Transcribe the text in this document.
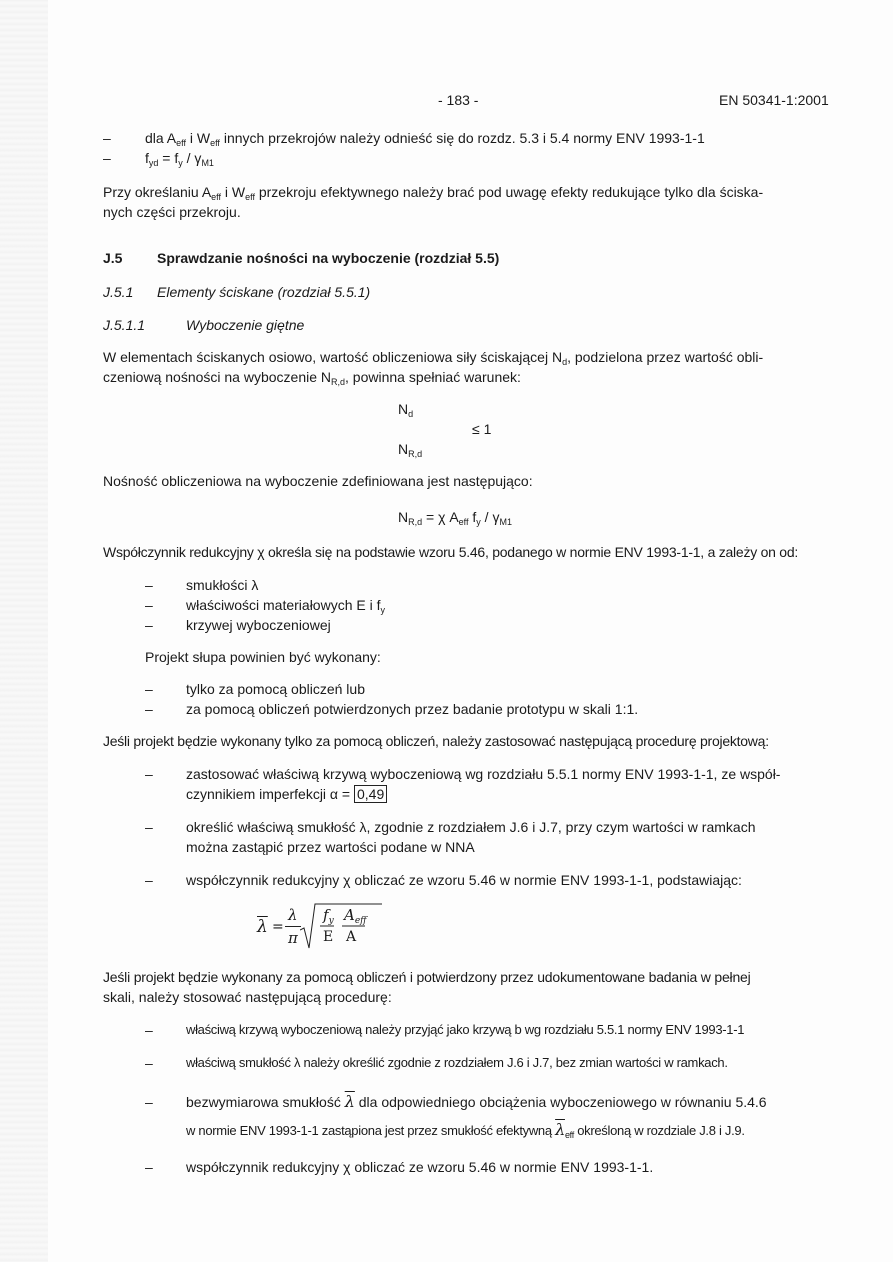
- 183 -	EN 50341-1:2001
– dla $A_{eff}$ i $W_{eff}$ innych przekrojów należy odnieść się do rozdz. 5.3 i 5.4 normy ENV 1993-1-1
– $f_{yd} = f_y / \gamma_{M1}$
Przy określaniu $A_{eff}$ i $W_{eff}$ przekroju efektywnego należy brać pod uwagę efekty redukujące tylko dla ściska-
nych części przekroju.
J.5 Sprawdzanie nośności na wyboczenie (rozdział 5.5)
J.5.1 Elementy ściskane (rozdział 5.5.1)
J.5.1.1	Wyboczenie giętne
W elementach ściskanych osiowo, wartość obliczeniowa siły ściskającej $N_d$, podzielona przez wartość obli-
czeniową nośności na wyboczenie $N_{R,d}$, powinna spełniać warunek:
$N_d$
≤ 1
$N_{R,d}$
Nośność obliczeniowa na wyboczenie zdefiniowana jest następująco:
$N_{R,d} = \chi$ $A_{eff}$ $f_y / \gamma_{M1}$
Współczynnik redukcyjny χ określa się na podstawie wzoru 5.46, podanego w normie ENV 1993-1-1, a zależy on od:
– smukłości λ
– właściwości materiałowych E i $f_y$
– krzywej wyboczeniowej
Projekt słupa powinien być wykonany:
– tylko za pomocą obliczeń lub
– za pomocą obliczeń potwierdzonych przez badanie prototypu w skali 1:1.
Jeśli projekt będzie wykonany tylko za pomocą obliczeń, należy zastosować następującą procedurę projektową:
– zastosować właściwą krzywą wyboczeniową wg rozdziału 5.5.1 normy ENV 1993-1-1, ze współ-
czynnikiem imperfekcji α = 0,49
– określić właściwą smukłość λ, zgodnie z rozdziałem J.6 i J.7, przy czym wartości w ramkach
można zastąpić przez wartości podane w NNA
– współczynnik redukcyjny χ obliczać ze wzoru 5.46 w normie ENV 1993-1-1, podstawiając:
$\overline{\lambda}$ =
λ
π
$f_y$ $A_{eff}$
E A
Jeśli projekt będzie wykonany za pomocą obliczeń i potwierdzony przez udokumentowane badania w pełnej
skali, należy stosować następującą procedurę:
–	właściwą krzywą wyboczeniową należy przyjąć jako krzywą b wg rozdziału 5.5.1 normy ENV 1993-1-1
–	właściwą smukłość λ należy określić zgodnie z rozdziałem J.6 i J.7, bez zmian wartości w ramkach.
– bezwymiarowa smukłość $\overline{\lambda}$ dla odpowiedniego obciążenia wyboczeniowego w równaniu 5.4.6
w normie ENV 1993-1-1 zastąpiona jest przez smukłość efektywną $\overline{\lambda}_{eff}$ określoną w rozdziale J.8 i J.9.
– współczynnik redukcyjny χ obliczać ze wzoru 5.46 w normie ENV 1993-1-1.
